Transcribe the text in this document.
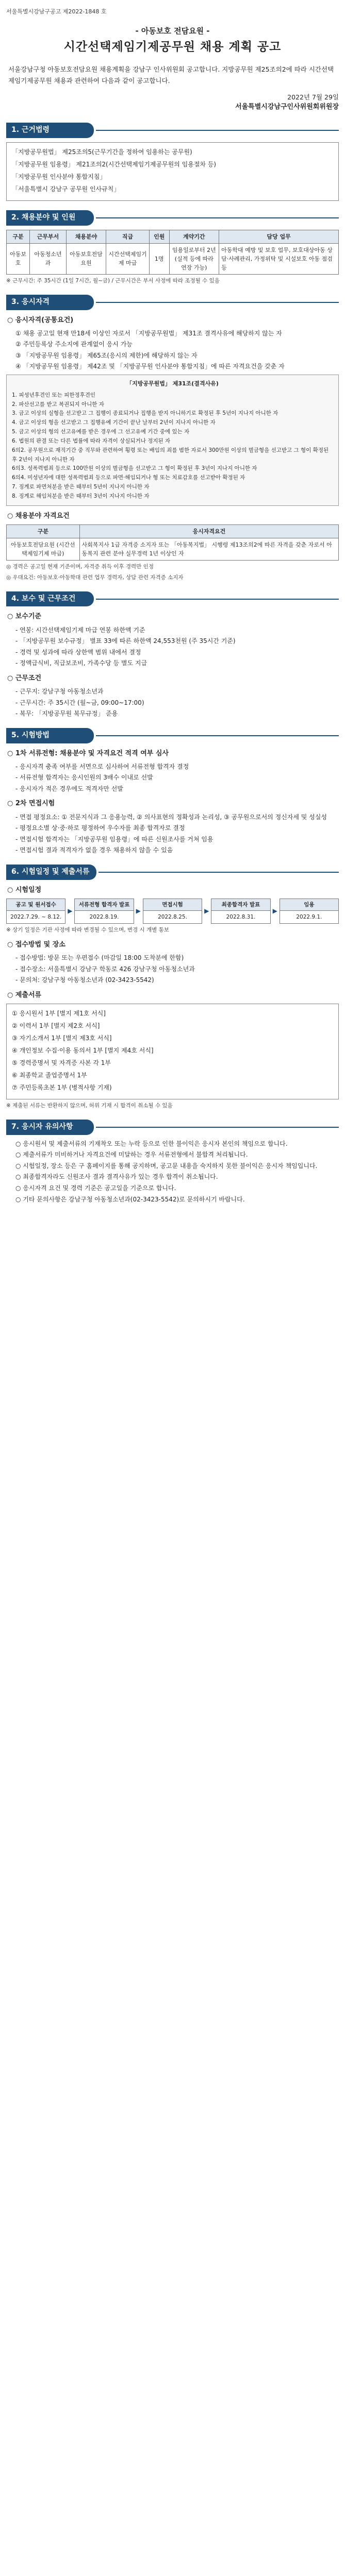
서울특별시강남구공고 제2022-1848 호
- 아동보호 전담요원 -
시간선택제임기제공무원 채용 계획 공고
서울강남구청 아동보호전담요원 채용계획을 강남구 인사위원회 공고합니다. 지방공무원 제25조의2에 따라 시간선택제임기제공무원 채용과 관련하여 다음과 같이 공고합니다.
2022년 7월 29일
서울특별시강남구인사위원회위원장
1. 근거법령

「지방공무원법」 제25조의5(근무기간을 정하여 임용하는 공무원)

「지방공무원 임용령」 제21조의2(시간선택제임기제공무원의 임용절차 등)

「지방공무원 인사분야 통합지침」

「서울특별시 강남구 공무원 인사규칙」

2. 채용분야 및 인원
구분	근무부서	채용분야	직급	인원	계약기간	담당 업무
아동보호	아동청소년과	아동보호전담요원	시간선택제임기제 마급	1명	임용일로부터 2년 (실적 등에 따라 연장 가능)	아동학대 예방 및 보호 업무, 보호대상아동 상담·사례관리, 가정위탁 및 시설보호 아동 점검 등
※ 근무시간: 주 35시간 (1일 7시간, 월~금) / 근무시간은 부서 사정에 따라 조정될 수 있음
3. 응시자격
○ 응시자격(공통요건)

① 채용 공고일 현재 만18세 이상인 자로서 「지방공무원법」 제31조 결격사유에 해당하지 않는 자

② 주민등록상 주소지에 관계없이 응시 가능

③ 「지방공무원 임용령」 제65조(응시의 제한)에 해당하지 않는 자

④ 「지방공무원 임용령」 제42조 및 「지방공무원 인사분야 통합지침」에 따른 자격요건을 갖춘 자

「지방공무원법」 제31조(결격사유)
1. 피성년후견인 또는 피한정후견인
2. 파산선고를 받고 복권되지 아니한 자
3. 금고 이상의 실형을 선고받고 그 집행이 종료되거나 집행을 받지 아니하기로 확정된 후 5년이 지나지 아니한 자
4. 금고 이상의 형을 선고받고 그 집행유예 기간이 끝난 날부터 2년이 지나지 아니한 자
5. 금고 이상의 형의 선고유예를 받은 경우에 그 선고유예 기간 중에 있는 자
6. 법원의 판결 또는 다른 법률에 따라 자격이 상실되거나 정지된 자
6의2. 공무원으로 재직기간 중 직무와 관련하여 횡령 또는 배임의 죄를 범한 자로서 300만원 이상의 벌금형을 선고받고 그 형이 확정된 후 2년이 지나지 아니한 자
6의3. 성폭력범죄 등으로 100만원 이상의 벌금형을 선고받고 그 형이 확정된 후 3년이 지나지 아니한 자
6의4. 미성년자에 대한 성폭력범죄 등으로 파면·해임되거나 형 또는 치료감호를 선고받아 확정된 자
7. 징계로 파면처분을 받은 때부터 5년이 지나지 아니한 자
8. 징계로 해임처분을 받은 때부터 3년이 지나지 아니한 자
○ 채용분야 자격요건
구분	응시자격요건
아동보호전담요원 (시간선택제임기제 마급)	사회복지사 1급 자격증 소지자 또는 「아동복지법」 시행령 제13조의2에 따른 자격을 갖춘 자로서 아동복지 관련 분야 실무경력 1년 이상인 자
◎ 경력은 공고일 현재 기준이며, 자격증 취득 이후 경력만 인정
◎ 우대요건: 아동보호·아동학대 관련 업무 경력자, 상담 관련 자격증 소지자
4. 보수 및 근무조건
○ 보수기준

- 연봉: 시간선택제임기제 마급 연봉 하한액 기준

- 「지방공무원 보수규정」 별표 33에 따른 하한액 24,553천원 (주 35시간 기준)

- 경력 및 성과에 따라 상한액 범위 내에서 결정

- 정액급식비, 직급보조비, 가족수당 등 별도 지급

○ 근무조건

- 근무지: 강남구청 아동청소년과

- 근무시간: 주 35시간 (월~금, 09:00~17:00)

- 복무: 「지방공무원 복무규정」 준용

5. 시험방법
○ 1차 서류전형: 채용분야 및 자격요건 적격 여부 심사

- 응시자격 충족 여부를 서면으로 심사하여 서류전형 합격자 결정

- 서류전형 합격자는 응시인원의 3배수 이내로 선발

- 응시자가 적은 경우에도 적격자만 선발

○ 2차 면접시험

- 면접 평정요소: ① 전문지식과 그 응용능력, ② 의사표현의 정확성과 논리성, ③ 공무원으로서의 정신자세 및 성실성

- 평정요소별 상·중·하로 평정하여 우수자를 최종 합격자로 결정

- 면접시험 합격자는 「지방공무원 임용령」에 따른 신원조사를 거쳐 임용

- 면접시험 결과 적격자가 없을 경우 채용하지 않을 수 있음

6. 시험일정 및 제출서류
○ 시험일정
공고 및 원서접수
2022.7.29. ~ 8.12.
▶
서류전형 합격자 발표
2022.8.19.
▶
면접시험
2022.8.25.
▶
최종합격자 발표
2022.8.31.
▶
임용
2022.9.1.
※ 상기 일정은 기관 사정에 따라 변경될 수 있으며, 변경 시 개별 통보
○ 접수방법 및 장소

- 접수방법: 방문 또는 우편접수 (마감일 18:00 도착분에 한함)

- 접수장소: 서울특별시 강남구 학동로 426 강남구청 아동청소년과

- 문의처: 강남구청 아동청소년과 (02-3423-5542)

○ 제출서류

① 응시원서 1부 [별지 제1호 서식]

② 이력서 1부 [별지 제2호 서식]

③ 자기소개서 1부 [별지 제3호 서식]

④ 개인정보 수집·이용 동의서 1부 [별지 제4호 서식]

⑤ 경력증명서 및 자격증 사본 각 1부

⑥ 최종학교 졸업증명서 1부

⑦ 주민등록초본 1부 (병적사항 기재)

※ 제출된 서류는 반환하지 않으며, 허위 기재 시 합격이 취소될 수 있음
7. 응시자 유의사항

○ 응시원서 및 제출서류의 기재착오 또는 누락 등으로 인한 불이익은 응시자 본인의 책임으로 합니다.

○ 제출서류가 미비하거나 자격요건에 미달하는 경우 서류전형에서 불합격 처리됩니다.

○ 시험일정, 장소 등은 구 홈페이지를 통해 공지하며, 공고문 내용을 숙지하지 못한 불이익은 응시자 책임입니다.

○ 최종합격자라도 신원조사 결과 결격사유가 있는 경우 합격이 취소됩니다.

○ 응시자격 요건 및 경력 기준은 공고일을 기준으로 합니다.

○ 기타 문의사항은 강남구청 아동청소년과(02-3423-5542)로 문의하시기 바랍니다.
